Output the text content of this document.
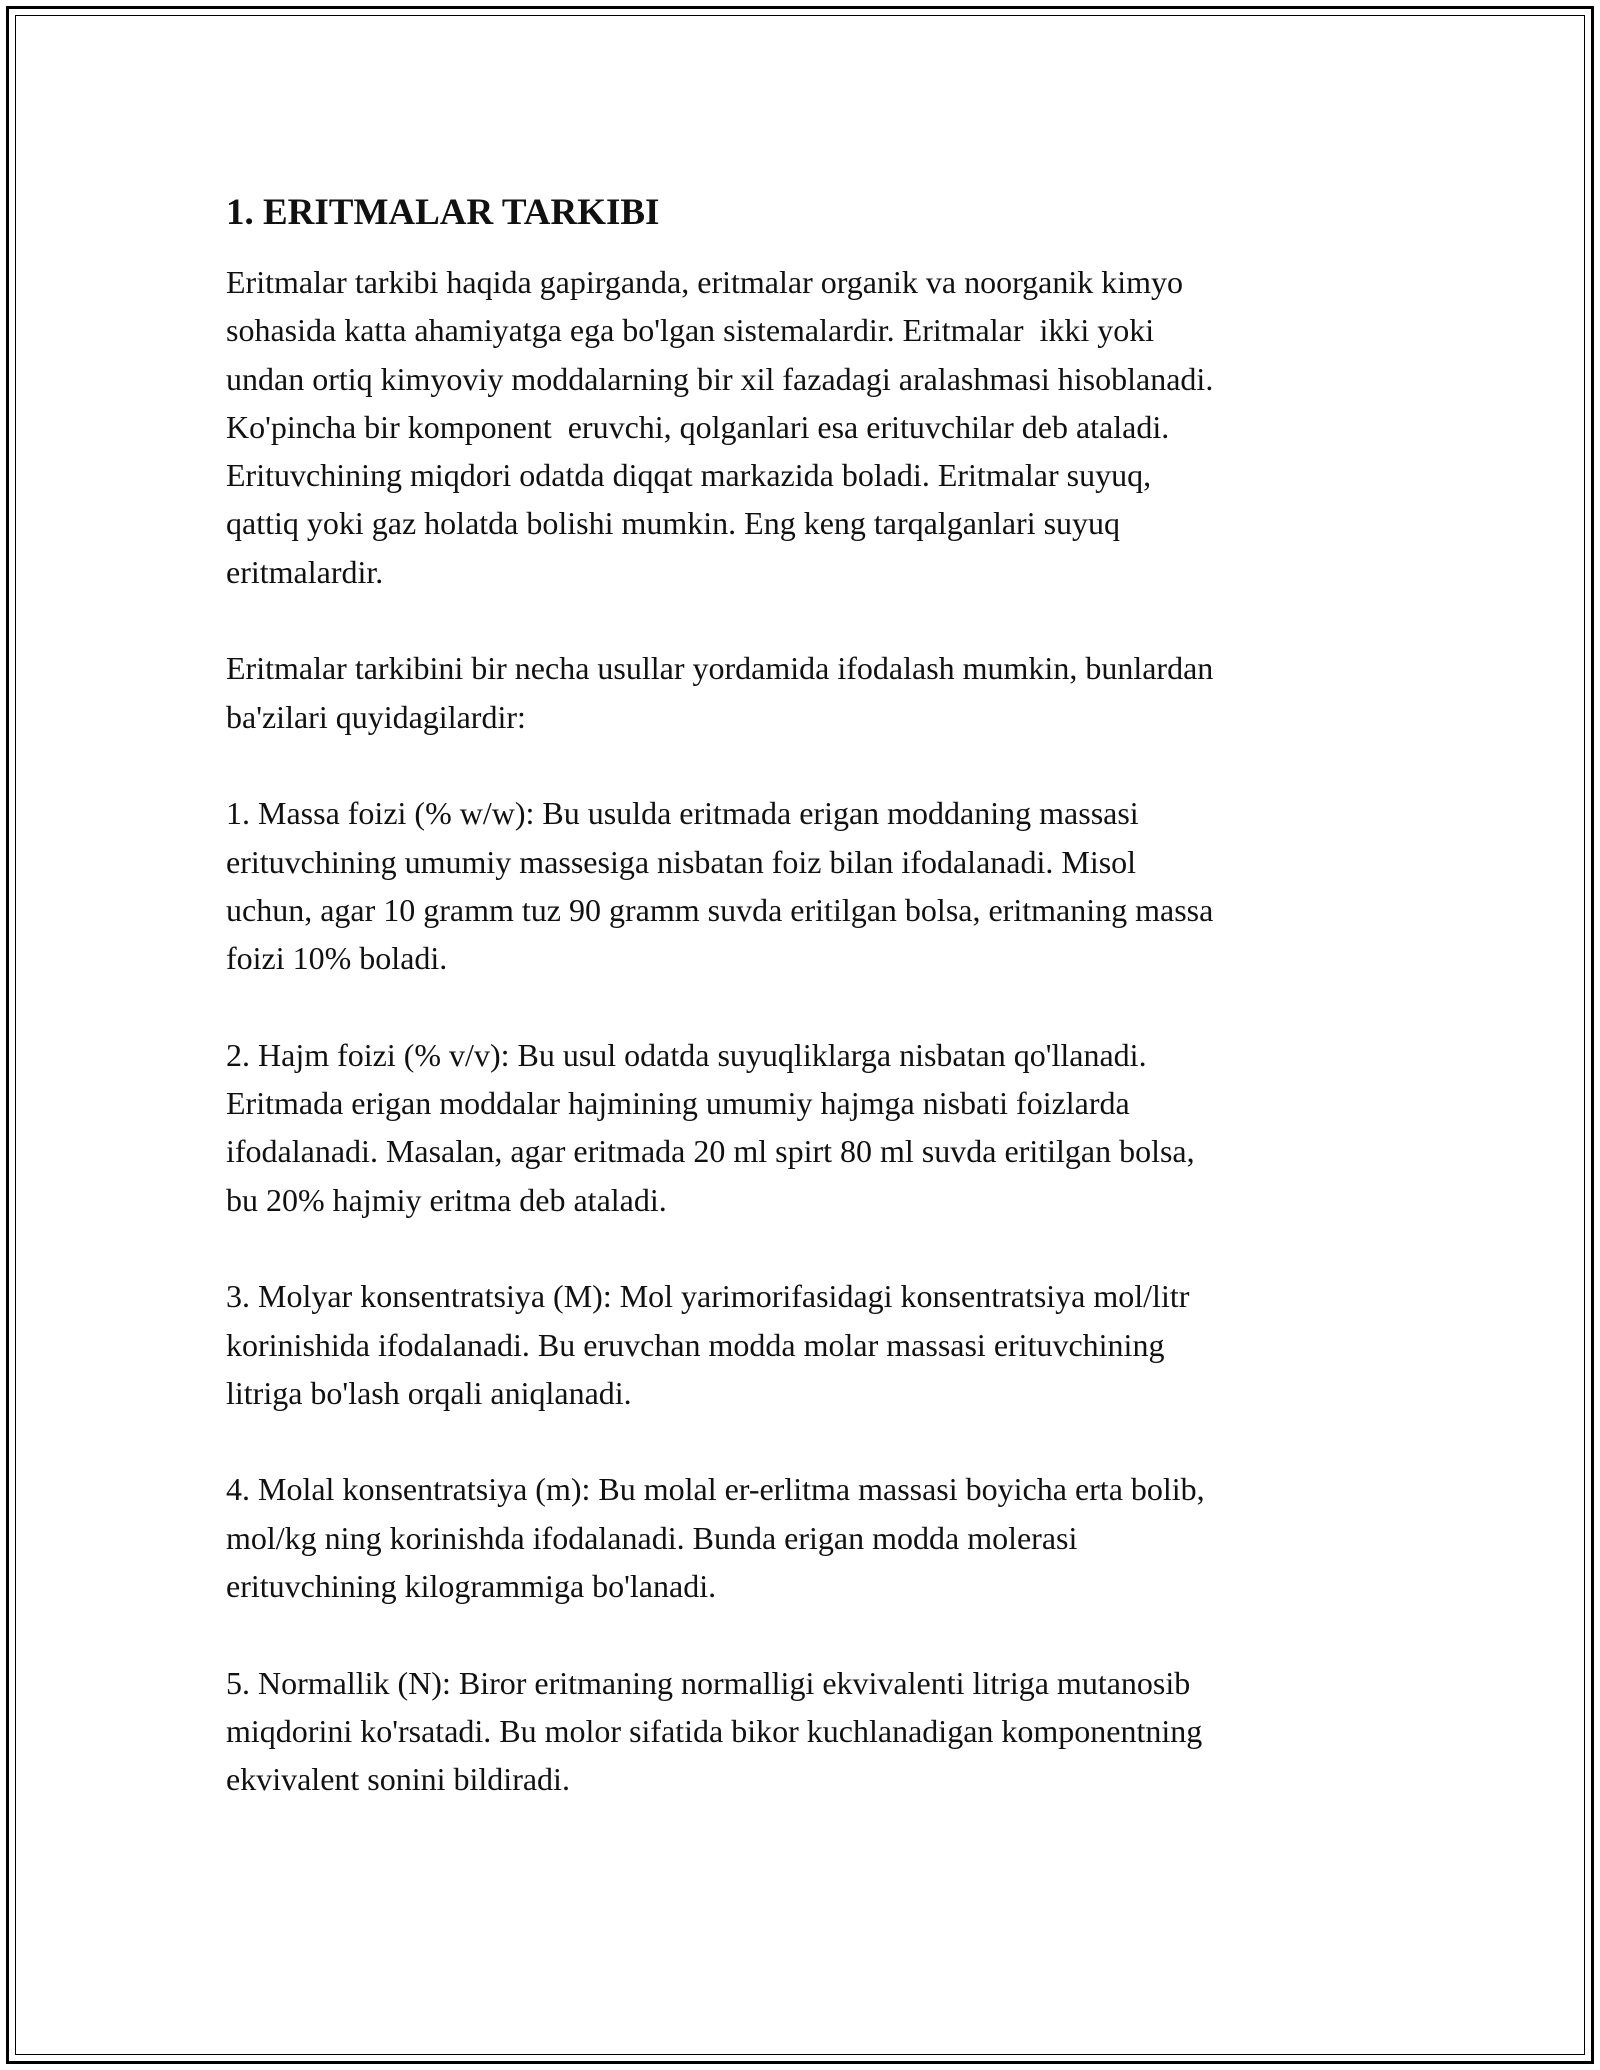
1. ERITMALAR TARKIBI

Eritmalar tarkibi haqida gapirganda, eritmalar organik va noorganik kimyo
sohasida katta ahamiyatga ega bo'lgan sistemalardir. Eritmalar  ikki yoki
undan ortiq kimyoviy moddalarning bir xil fazadagi aralashmasi hisoblanadi.
Ko'pincha bir komponent  eruvchi, qolganlari esa erituvchilar deb ataladi.
Erituvchining miqdori odatda diqqat markazida boladi. Eritmalar suyuq,
qattiq yoki gaz holatda bolishi mumkin. Eng keng tarqalganlari suyuq
eritmalardir.

Eritmalar tarkibini bir necha usullar yordamida ifodalash mumkin, bunlardan
ba'zilari quyidagilardir:

1. Massa foizi (% w/w): Bu usulda eritmada erigan moddaning massasi
erituvchining umumiy massesiga nisbatan foiz bilan ifodalanadi. Misol
uchun, agar 10 gramm tuz 90 gramm suvda eritilgan bolsa, eritmaning massa
foizi 10% boladi.

2. Hajm foizi (% v/v): Bu usul odatda suyuqliklarga nisbatan qo'llanadi.
Eritmada erigan moddalar hajmining umumiy hajmga nisbati foizlarda
ifodalanadi. Masalan, agar eritmada 20 ml spirt 80 ml suvda eritilgan bolsa,
bu 20% hajmiy eritma deb ataladi.

3. Molyar konsentratsiya (M): Mol yarimorifasidagi konsentratsiya mol/litr
korinishida ifodalanadi. Bu eruvchan modda molar massasi erituvchining
litriga bo'lash orqali aniqlanadi.

4. Molal konsentratsiya (m): Bu molal er-erlitma massasi boyicha erta bolib,
mol/kg ning korinishda ifodalanadi. Bunda erigan modda molerasi
erituvchining kilogrammiga bo'lanadi.

5. Normallik (N): Biror eritmaning normalligi ekvivalenti litriga mutanosib
miqdorini ko'rsatadi. Bu molor sifatida bikor kuchlanadigan komponentning
ekvivalent sonini bildiradi.
